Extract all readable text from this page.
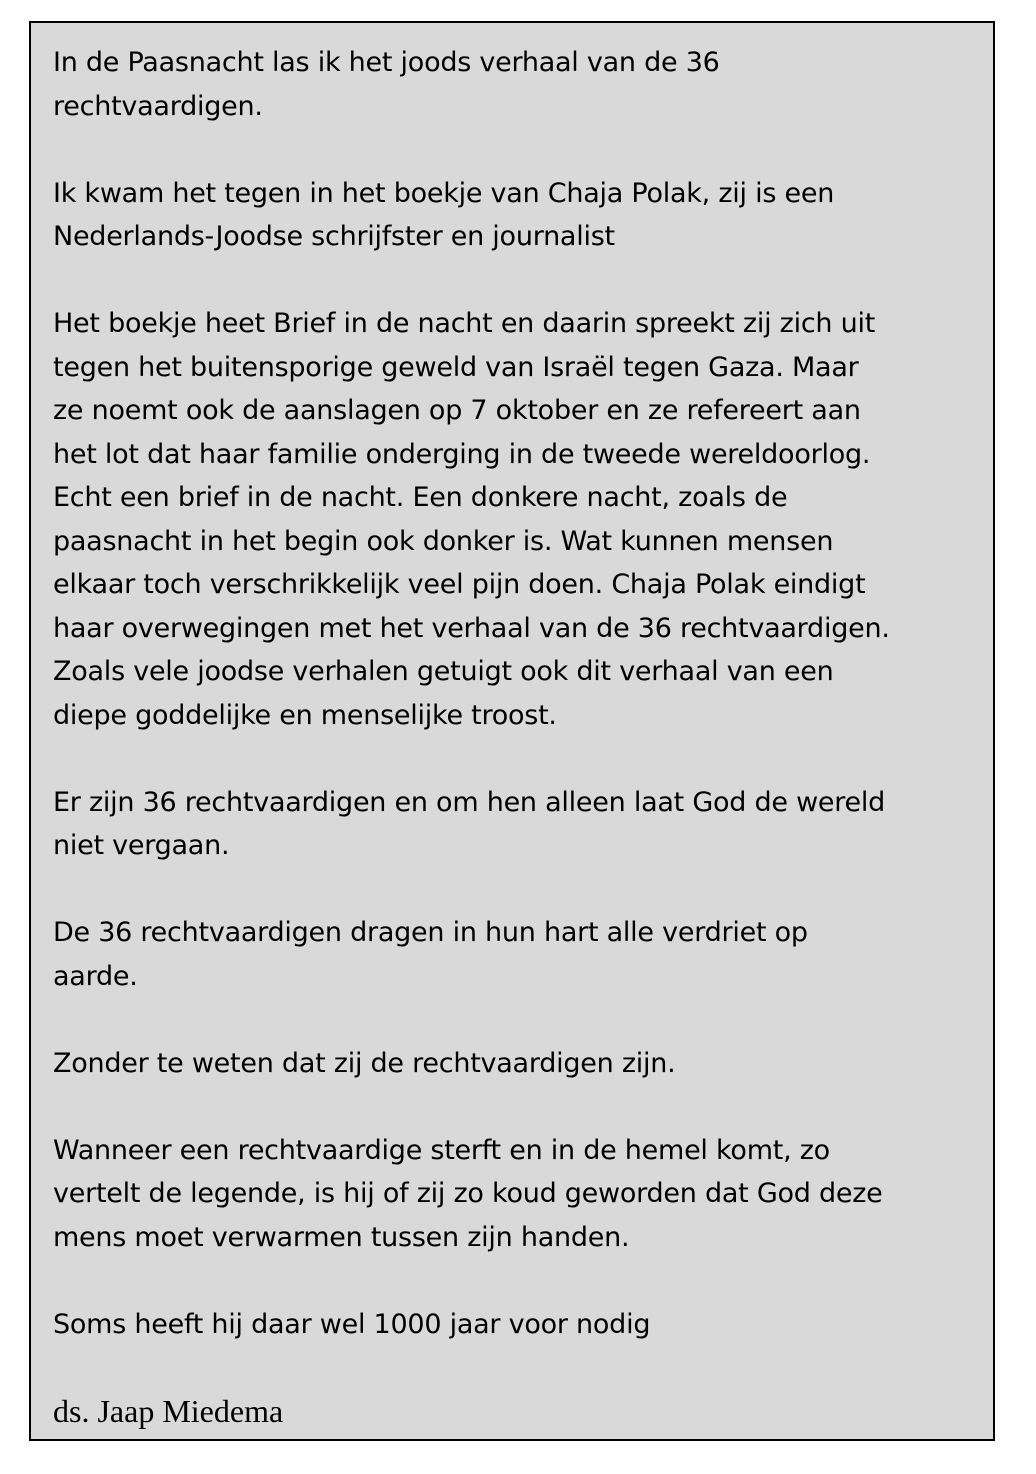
In de Paasnacht las ik het joods verhaal van de 36
rechtvaardigen.

Ik kwam het tegen in het boekje van Chaja Polak, zij is een
Nederlands-Joodse schrijfster en journalist

Het boekje heet Brief in de nacht en daarin spreekt zij zich uit
tegen het buitensporige geweld van Israël tegen Gaza. Maar
ze noemt ook de aanslagen op 7 oktober en ze refereert aan
het lot dat haar familie onderging in de tweede wereldoorlog.
Echt een brief in de nacht. Een donkere nacht, zoals de
paasnacht in het begin ook donker is. Wat kunnen mensen
elkaar toch verschrikkelijk veel pijn doen. Chaja Polak eindigt
haar overwegingen met het verhaal van de 36 rechtvaardigen.
Zoals vele joodse verhalen getuigt ook dit verhaal van een
diepe goddelijke en menselijke troost.

Er zijn 36 rechtvaardigen en om hen alleen laat God de wereld
niet vergaan.

De 36 rechtvaardigen dragen in hun hart alle verdriet op
aarde.

Zonder te weten dat zij de rechtvaardigen zijn.

Wanneer een rechtvaardige sterft en in de hemel komt, zo
vertelt de legende, is hij of zij zo koud geworden dat God deze
mens moet verwarmen tussen zijn handen.

Soms heeft hij daar wel 1000 jaar voor nodig

ds. Jaap Miedema
